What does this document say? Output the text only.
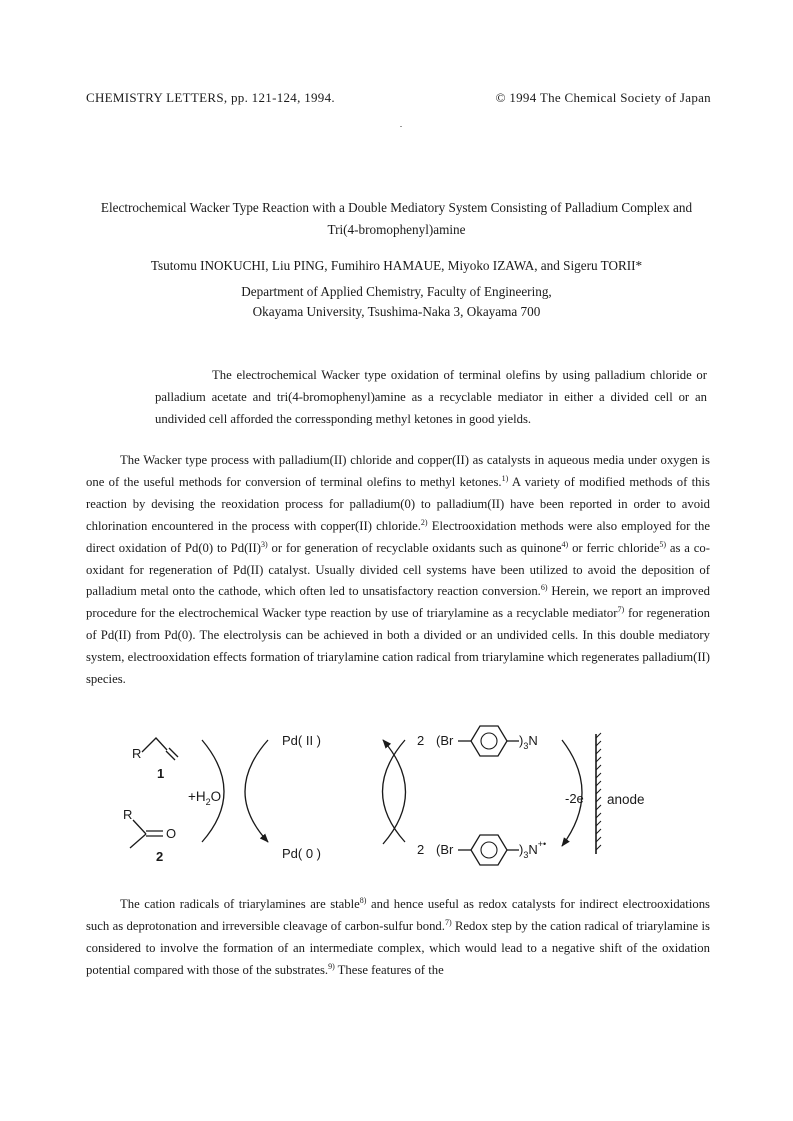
CHEMISTRY LETTERS, pp. 121-124, 1994.	© 1994 The Chemical Society of Japan
Electrochemical Wacker Type Reaction with a Double Mediatory System Consisting of Palladium Complex and
Tri(4-bromophenyl)amine
Tsutomu INOKUCHI, Liu PING, Fumihiro HAMAUE, Miyoko IZAWA, and Sigeru TORII*
Department of Applied Chemistry, Faculty of Engineering,
Okayama University, Tsushima-Naka 3, Okayama 700

The electrochemical Wacker type oxidation of terminal olefins by using palladium chloride or palladium acetate and tri(4-bromophenyl)amine as a recyclable mediator in either a divided cell or an undivided cell afforded the corressponding methyl ketones in good yields.

The Wacker type process with palladium(II) chloride and copper(II) as catalysts in aqueous media under oxygen is one of the useful methods for conversion of terminal olefins to methyl ketones.$^{1)}$ A variety of modified methods of this reaction by devising the reoxidation process for palladium(0) to palladium(II) have been reported in order to avoid chlorination encountered in the process with copper(II) chloride.$^{2)}$ Electrooxidation methods were also employed for the direct oxidation of Pd(0) to Pd(II)$^{3)}$ or for generation of recyclable oxidants such as quinone$^{4)}$ or ferric chloride$^{5)}$ as a co-oxidant for regeneration of Pd(II) catalyst. Usually divided cell systems have been utilized to avoid the deposition of palladium metal onto the cathode, which often led to unsatisfactory reaction conversion.$^{6)}$ Herein, we report an improved procedure for the electrochemical Wacker type reaction by use of triarylamine as a recyclable mediator$^{7)}$ for regeneration of Pd(II) from Pd(0). The electrolysis can be achieved in both a divided or an undivided cells. In this double mediatory system, electrooxidation effects formation of triarylamine cation radical from triarylamine which regenerates palladium(II) species.

R
1
R
O
2
$+H_2O$
Pd( II )
Pd( 0 )
2 (Br	)$_3N$
2 (Br	)$_3N^{+•}$
-2e anode

The cation radicals of triarylamines are stable$^{8)}$ and hence useful as redox catalysts for indirect electrooxidations such as deprotonation and irreversible cleavage of carbon-sulfur bond.$^{7)}$ Redox step by the cation radical of triarylamine is considered to involve the formation of an intermediate complex, which would lead to a negative shift of the oxidation potential compared with those of the substrates.$^{9)}$ These features of the
